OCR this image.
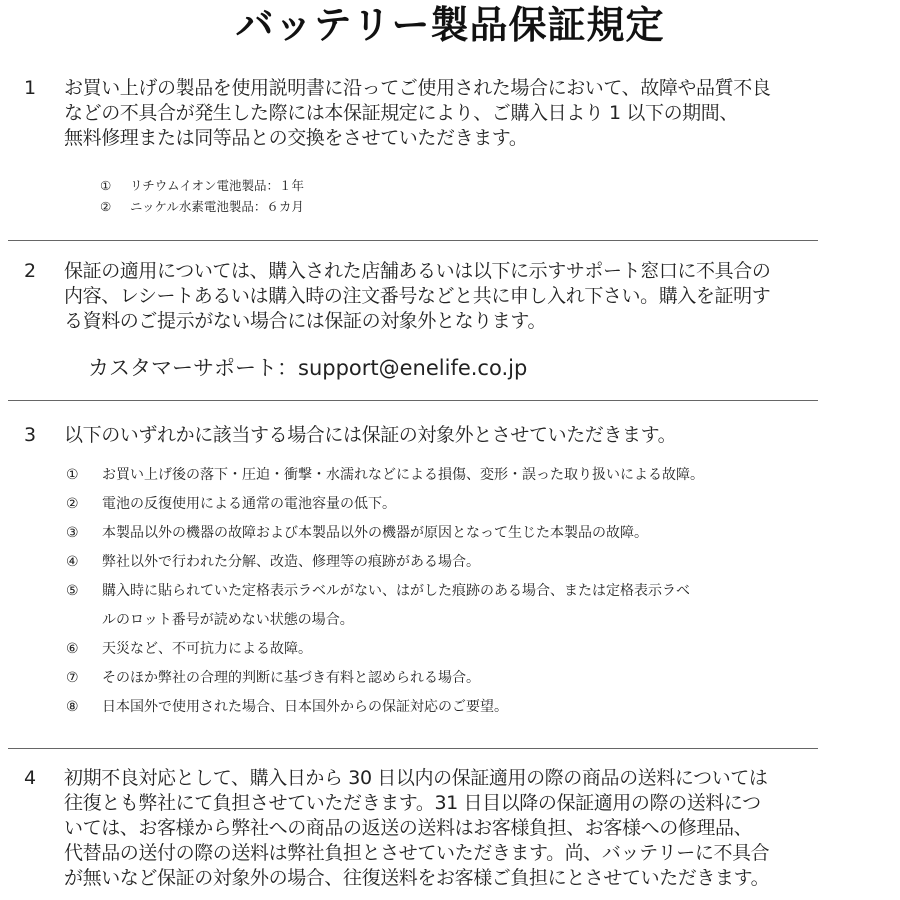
バッテリー製品保証規定
1 お買い上げの製品を使用説明書に沿ってご使用された場合において、故障や品質不良
などの不具合が発生した際には本保証規定により、ご購入日より 1 以下の期間、
無料修理または同等品との交換をさせていただきます。
① リチウムイオン電池製品：１年
② ニッケル水素電池製品：６カ月
2 保証の適用については、購入された店舗あるいは以下に示すサポート窓口に不具合の
内容、レシートあるいは購入時の注文番号などと共に申し入れ下さい。購入を証明す
る資料のご提示がない場合には保証の対象外となります。
カスタマーサポート：support@enelife.co.jp
3 以下のいずれかに該当する場合には保証の対象外とさせていただきます。
① お買い上げ後の落下・圧迫・衝撃・水濡れなどによる損傷、変形・誤った取り扱いによる故障。
② 電池の反復使用による通常の電池容量の低下。
③ 本製品以外の機器の故障および本製品以外の機器が原因となって生じた本製品の故障。
④ 弊社以外で行われた分解、改造、修理等の痕跡がある場合。
⑤ 購入時に貼られていた定格表示ラベルがない、はがした痕跡のある場合、または定格表示ラベ
ルのロット番号が読めない状態の場合。
⑥ 天災など、不可抗力による故障。
⑦ そのほか弊社の合理的判断に基づき有料と認められる場合。
⑧ 日本国外で使用された場合、日本国外からの保証対応のご要望。
4 初期不良対応として、購入日から 30 日以内の保証適用の際の商品の送料については
往復とも弊社にて負担させていただきます。31 日目以降の保証適用の際の送料につ
いては、お客様から弊社への商品の返送の送料はお客様負担、お客様への修理品、
代替品の送付の際の送料は弊社負担とさせていただきます。尚、バッテリーに不具合
が無いなど保証の対象外の場合、往復送料をお客様ご負担にとさせていただきます。
